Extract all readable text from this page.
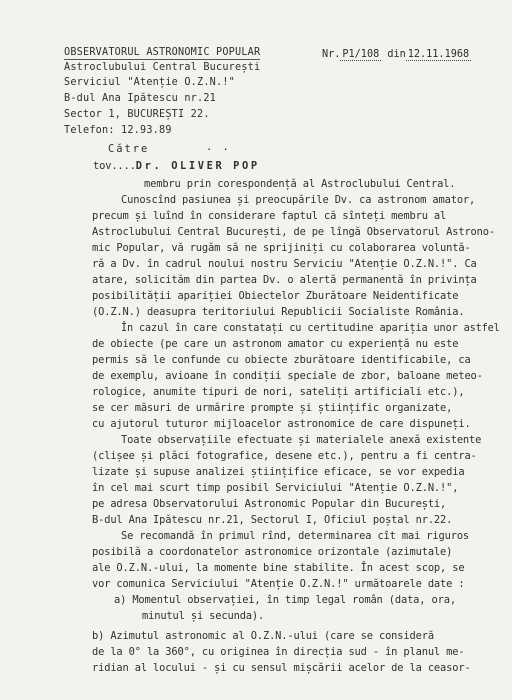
OBSERVATORUL ASTRONOMIC POPULAR
Astroclubului Central București
Serviciul "Atenție O.Z.N.!"
B-dul Ana Ipătescu nr.21
Sector 1, BUCUREȘTI 22.
Telefon: 12.93.89
Nr. P1/108 din 12.11.1968
Către	. .
tov....Dr. OLIVER POP
membru prin corespondență al Astroclubului Central.
Cunoscînd pasiunea și preocupările Dv. ca astronom amator,
precum și luînd în considerare faptul că sînteți membru al
Astroclubului Central București, de pe lîngă Observatorul Astrono-
mic Popular, vă rugăm să ne sprijiniți cu colaborarea voluntă-
ră a Dv. în cadrul noului nostru Serviciu "Atenție O.Z.N.!". Ca
atare, solicităm din partea Dv. o alertă permanentă în privința
posibilității apariției Obiectelor Zburătoare Neidentificate
(O.Z.N.) deasupra teritoriului Republicii Socialiste România.
În cazul în care constatați cu certitudine apariția unor astfel
de obiecte (pe care un astronom amator cu experiență nu este
permis să le confunde cu obiecte zburătoare identificabile, ca
de exemplu, avioane în condiții speciale de zbor, baloane meteo-
rologice, anumite tipuri de nori, sateliți artificiali etc.),
se cer măsuri de urmărire prompte și științific organizate,
cu ajutorul tuturor mijloacelor astronomice de care dispuneți.
Toate observațiile efectuate și materialele anexă existente
(clișee și plăci fotografice, desene etc.), pentru a fi centra-
lizate și supuse analizei științifice eficace, se vor expedia
în cel mai scurt timp posibil Serviciului "Atenție O.Z.N.!",
pe adresa Observatorului Astronomic Popular din București,
B-dul Ana Ipătescu nr.21, Sectorul I, Oficiul poștal nr.22.
Se recomandă în primul rînd, determinarea cît mai riguros
posibilă a coordonatelor astronomice orizontale (azimutale)
ale O.Z.N.-ului, la momente bine stabilite. În acest scop, se
vor comunica Serviciului "Atenție O.Z.N.!" următoarele date :
a) Momentul observației, în timp legal român (data, ora,
minutul și secunda).
b) Azimutul astronomic al O.Z.N.-ului (care se consideră
de la 0° la 360°, cu originea în direcția sud - în planul me-
ridian al locului - și cu sensul mișcării acelor de la ceasor-
